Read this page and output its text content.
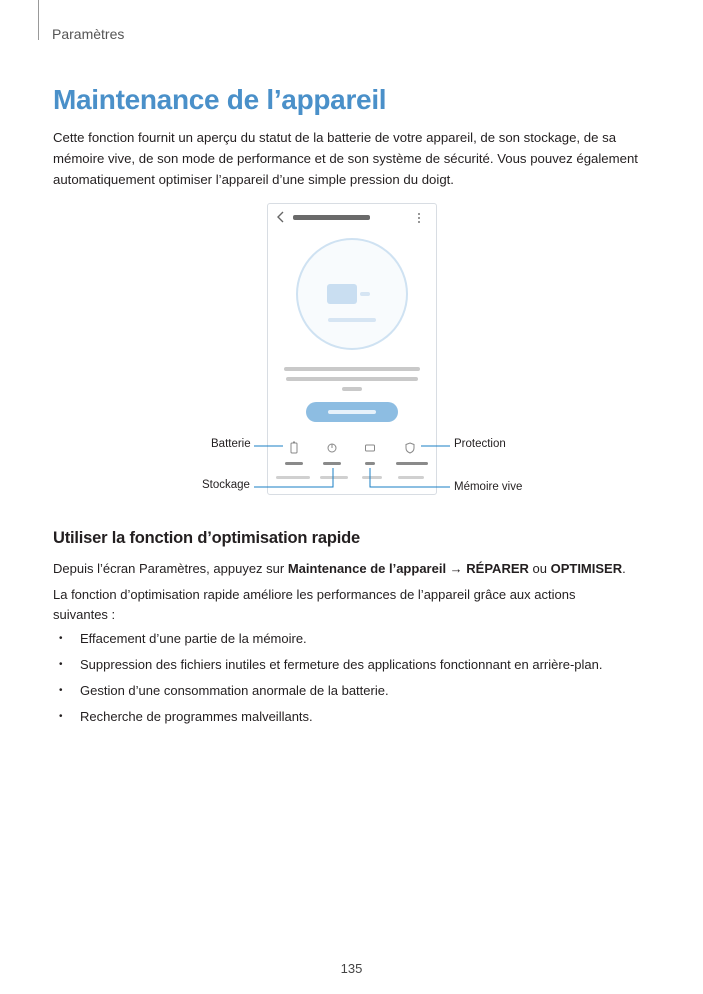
Paramètres
Maintenance de l’appareil

Cette fonction fournit un aperçu du statut de la batterie de votre appareil, de son stockage, de sa mémoire vive, de son mode de performance et de son système de sécurité. Vous pouvez également automatiquement optimiser l’appareil d’une simple pression du doigt.

Batterie	Protection
Stockage	Mémoire vive
Utiliser la fonction d’optimisation rapide

Depuis l’écran Paramètres, appuyez sur Maintenance de l’appareil → RÉPARER ou OPTIMISER.

La fonction d’optimisation rapide améliore les performances de l’appareil grâce aux actions suivantes :

• Effacement d’une partie de la mémoire.
• Suppression des fichiers inutiles et fermeture des applications fonctionnant en arrière-plan.
• Gestion d’une consommation anormale de la batterie.
• Recherche de programmes malveillants.
135
